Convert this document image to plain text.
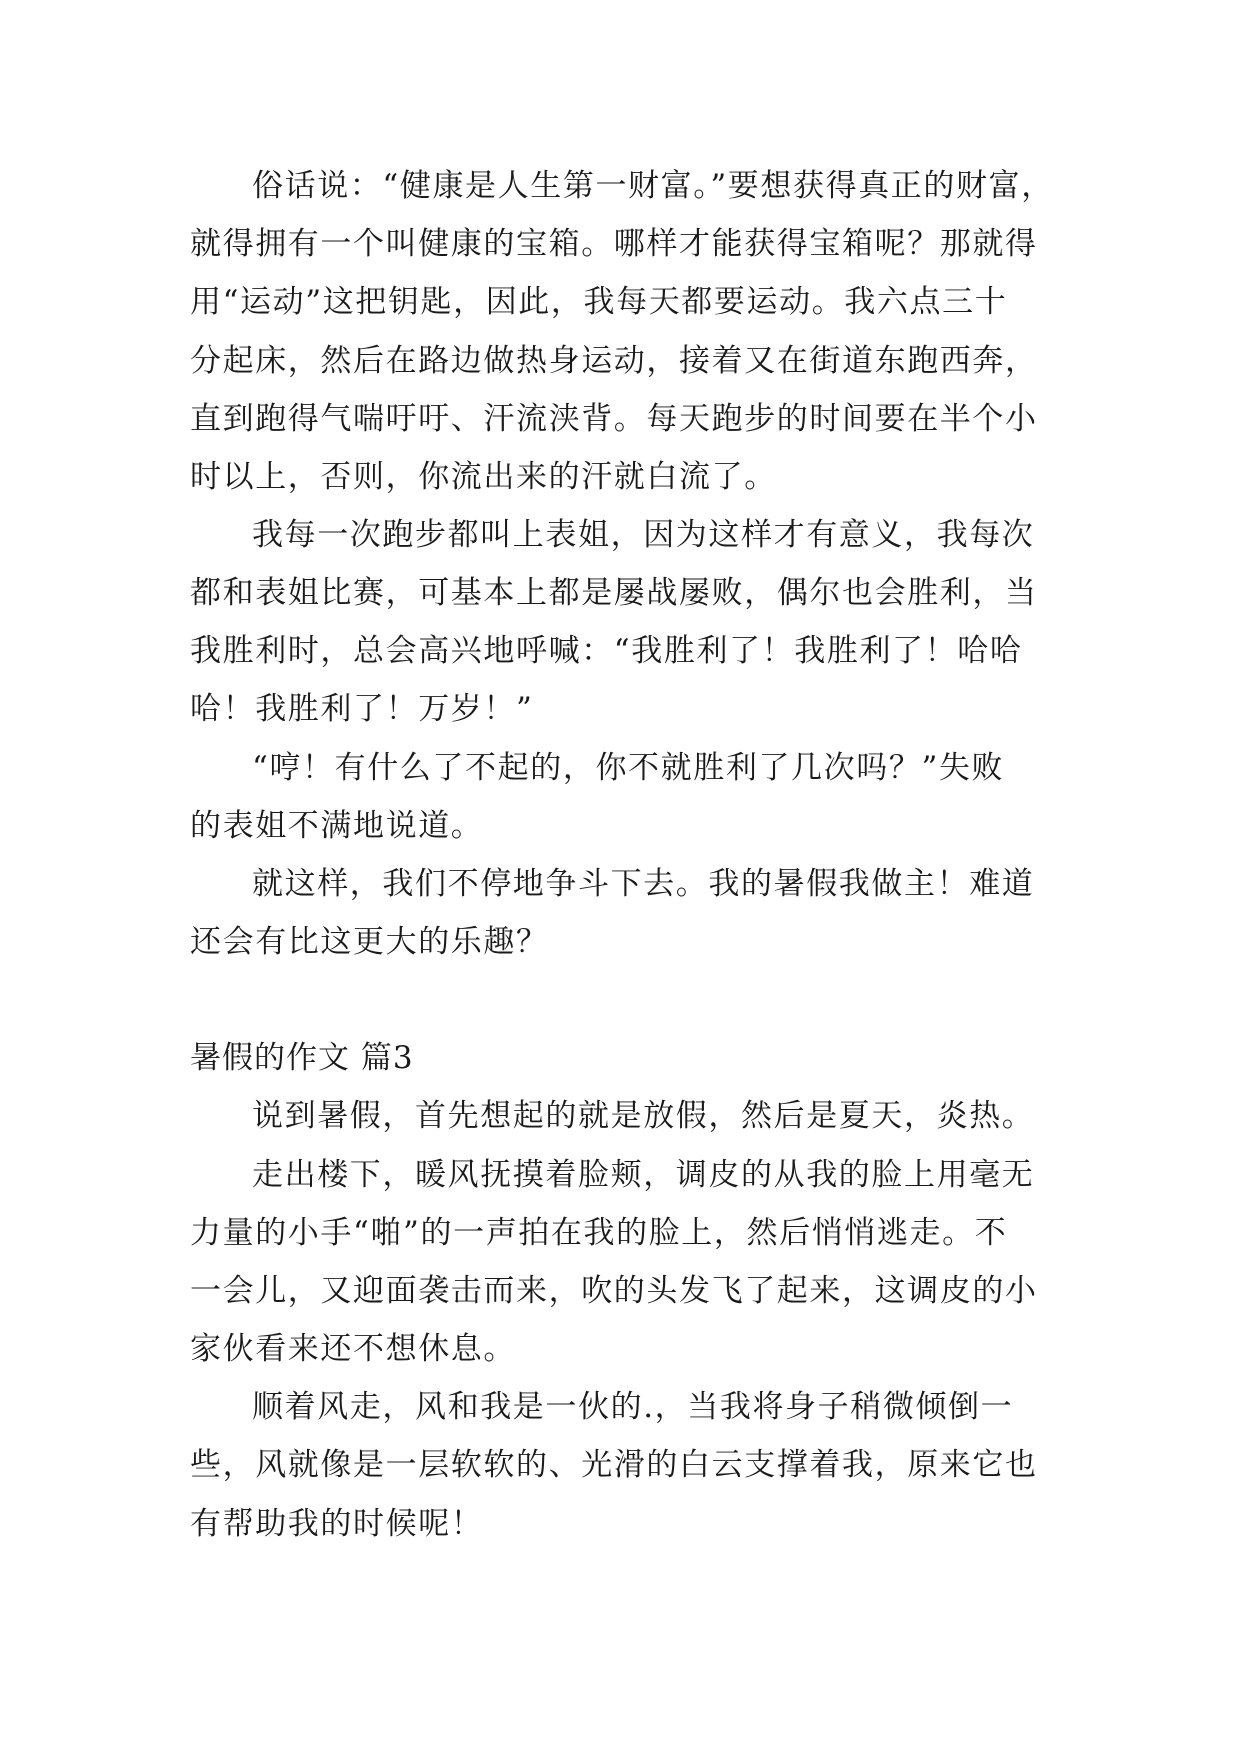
俗话说：“健康是人生第一财富。”要想获得真正的财富，
就得拥有一个叫健康的宝箱。哪样才能获得宝箱呢？那就得
用“运动”这把钥匙，因此，我每天都要运动。我六点三十
分起床，然后在路边做热身运动，接着又在街道东跑西奔，
直到跑得气喘吁吁、汗流浃背。每天跑步的时间要在半个小
时以上，否则，你流出来的汗就白流了。
我每一次跑步都叫上表姐，因为这样才有意义，我每次
都和表姐比赛，可基本上都是屡战屡败，偶尔也会胜利，当
我胜利时，总会高兴地呼喊：“我胜利了！我胜利了！哈哈
哈！我胜利了！万岁！”
“哼！有什么了不起的，你不就胜利了几次吗？”失败
的表姐不满地说道。
就这样，我们不停地争斗下去。我的暑假我做主！难道
还会有比这更大的乐趣？
暑假的作文 篇3
说到暑假，首先想起的就是放假，然后是夏天，炎热。
走出楼下，暖风抚摸着脸颊，调皮的从我的脸上用毫无
力量的小手“啪”的一声拍在我的脸上，然后悄悄逃走。不
一会儿，又迎面袭击而来，吹的头发飞了起来，这调皮的小
家伙看来还不想休息。
顺着风走，风和我是一伙的.，当我将身子稍微倾倒一
些，风就像是一层软软的、光滑的白云支撑着我，原来它也
有帮助我的时候呢！
